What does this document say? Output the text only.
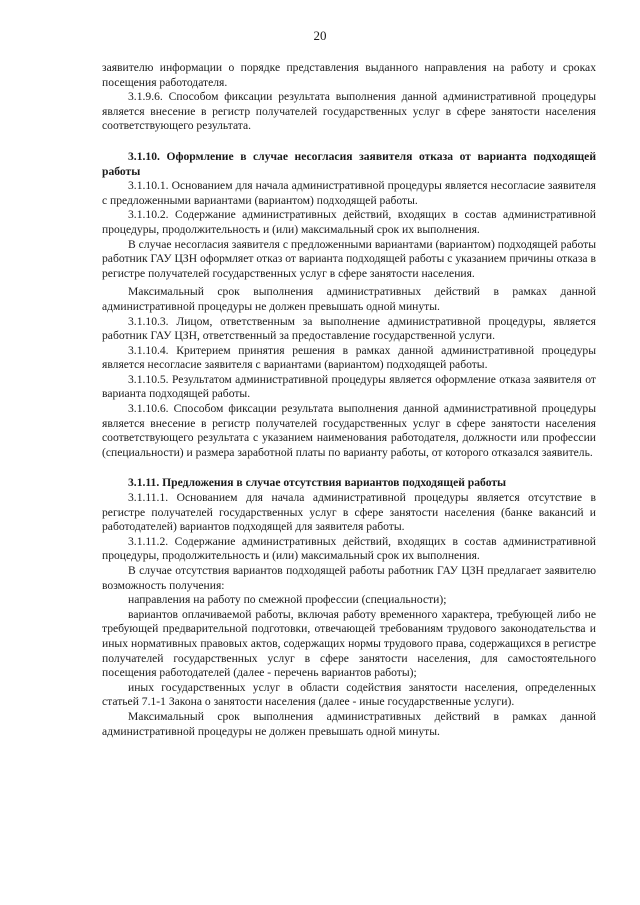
20

заявителю информации о порядке представления выданного направления на работу и сроках посещения работодателя.

3.1.9.6. Способом фиксации результата выполнения данной административной процедуры является внесение в регистр получателей государственных услуг в сфере занятости населения соответствующего результата.

3.1.10. Оформление в случае несогласия заявителя отказа от варианта подходящей работы

3.1.10.1. Основанием для начала административной процедуры является несогласие заявителя с предложенными вариантами (вариантом) подходящей работы.

3.1.10.2. Содержание административных действий, входящих в состав административной процедуры, продолжительность и (или) максимальный срок их выполнения.

В случае несогласия заявителя с предложенными вариантами (вариантом) подходящей работы работник ГАУ ЦЗН оформляет отказ от варианта подходящей работы с указанием причины отказа в регистре получателей государственных услуг в сфере занятости населения.

Максимальный срок выполнения административных действий в рамках данной административной процедуры не должен превышать одной минуты.

3.1.10.3. Лицом, ответственным за выполнение административной процедуры, является работник ГАУ ЦЗН, ответственный за предоставление государственной услуги.

3.1.10.4. Критерием принятия решения в рамках данной административной процедуры является несогласие заявителя с вариантами (вариантом) подходящей работы.

3.1.10.5. Результатом административной процедуры является оформление отказа заявителя от варианта подходящей работы.

3.1.10.6. Способом фиксации результата выполнения данной административной процедуры является внесение в регистр получателей государственных услуг в сфере занятости населения соответствующего результата с указанием наименования работодателя, должности или профессии (специальности) и размера заработной платы по варианту работы, от которого отказался заявитель.

3.1.11. Предложения в случае отсутствия вариантов подходящей работы

3.1.11.1. Основанием для начала административной процедуры является отсутствие в регистре получателей государственных услуг в сфере занятости населения (банке вакансий и работодателей) вариантов подходящей для заявителя работы.

3.1.11.2. Содержание административных действий, входящих в состав административной процедуры, продолжительность и (или) максимальный срок их выполнения.

В случае отсутствия вариантов подходящей работы работник ГАУ ЦЗН предлагает заявителю возможность получения:

направления на работу по смежной профессии (специальности);

вариантов оплачиваемой работы, включая работу временного характера, требующей либо не требующей предварительной подготовки, отвечающей требованиям трудового законодательства и иных нормативных правовых актов, содержащих нормы трудового права, содержащихся в регистре получателей государственных услуг в сфере занятости населения, для самостоятельного посещения работодателей (далее - перечень вариантов работы);

иных государственных услуг в области содействия занятости населения, определенных статьей 7.1-1 Закона о занятости населения (далее - иные государственные услуги).

Максимальный срок выполнения административных действий в рамках данной административной процедуры не должен превышать одной минуты.
